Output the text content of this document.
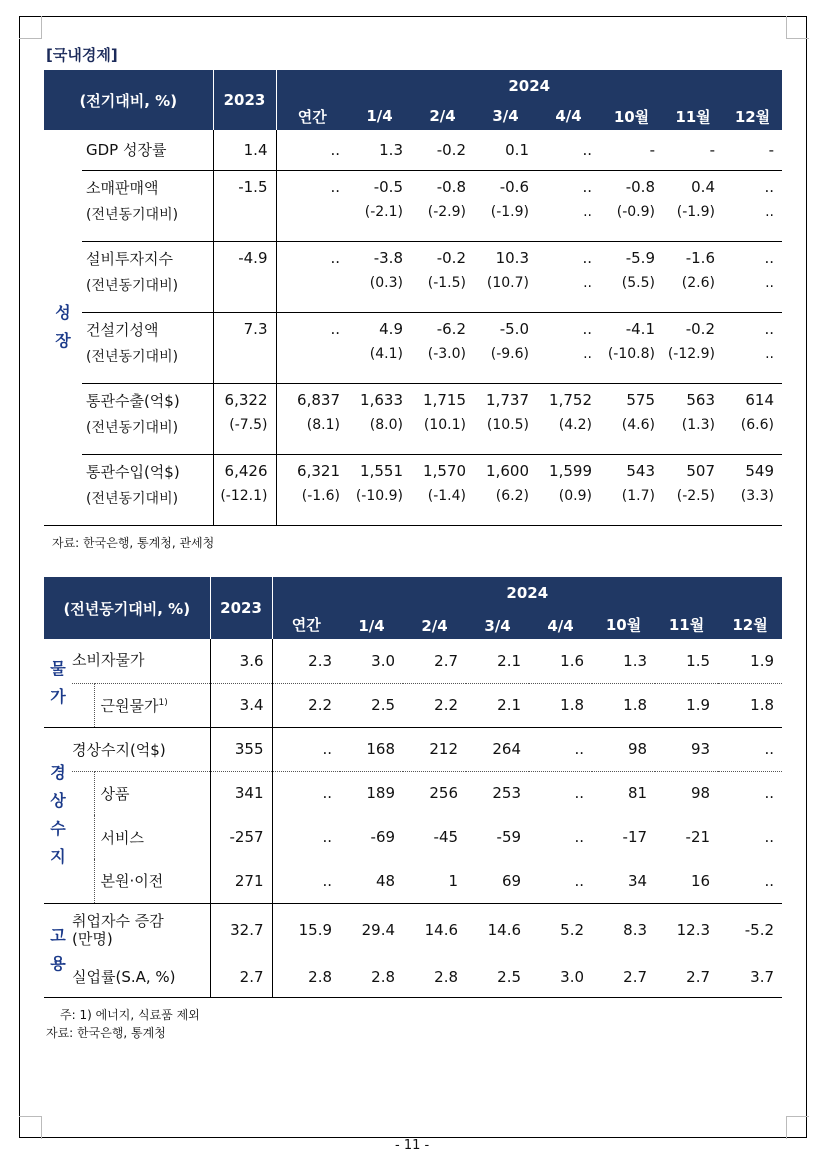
[국내경제]
(전기대비, %)		2023	2024							
			연간	1/4	2/4	3/4	4/4	10월	11월	12월
성
장	GDP 성장률	1.4	..	1.3	-0.2	0.1	..	-	-	-
	소매판매액	-1.5	..	-0.5	-0.8	-0.6	..	-0.8	0.4	..
	(전년동기대비)			(-2.1)	(-2.9)	(-1.9)	..	(-0.9)	(-1.9)	..
	설비투자지수	-4.9	..	-3.8	-0.2	10.3	..	-5.9	-1.6	..
	(전년동기대비)			(0.3)	(-1.5)	(10.7)	..	(5.5)	(2.6)	..
	건설기성액	7.3	..	4.9	-6.2	-5.0	..	-4.1	-0.2	..
	(전년동기대비)			(4.1)	(-3.0)	(-9.6)	..	(-10.8)	(-12.9)	..
	통관수출(억$)	6,322	6,837	1,633	1,715	1,737	1,752	575	563	614
	(전년동기대비)	(-7.5)	(8.1)	(8.0)	(10.1)	(10.5)	(4.2)	(4.6)	(1.3)	(6.6)
	통관수입(억$)	6,426	6,321	1,551	1,570	1,600	1,599	543	507	549
	(전년동기대비)	(-12.1)	(-1.6)	(-10.9)	(-1.4)	(6.2)	(0.9)	(1.7)	(-2.5)	(3.3)
자료: 한국은행, 통계청, 관세청
(전년동기대비, %)			2023	2024							
				연간	1/4	2/4	3/4	4/4	10월	11월	12월
물
가	소비자물가		3.6	2.3	3.0	2.7	2.1	1.6	1.3	1.5	1.9
		근원물가$^{1)}$	3.4	2.2	2.5	2.2	2.1	1.8	1.8	1.9	1.8
경
상
수
지	경상수지(억$)		355	..	168	212	264	..	98	93	..
		상품	341	..	189	256	253	..	81	98	..
		서비스	-257	..	-69	-45	-59	..	-17	-21	..
		본원·이전	271	..	48	1	69	..	34	16	..
고
용	취업자수 증감
(만명)		32.7	15.9	29.4	14.6	14.6	5.2	8.3	12.3	-5.2
	실업률(S.A, %)		2.7	2.8	2.8	2.8	2.5	3.0	2.7	2.7	3.7
주: 1) 에너지, 식료품 제외
자료: 한국은행, 통계청
- 11 -
